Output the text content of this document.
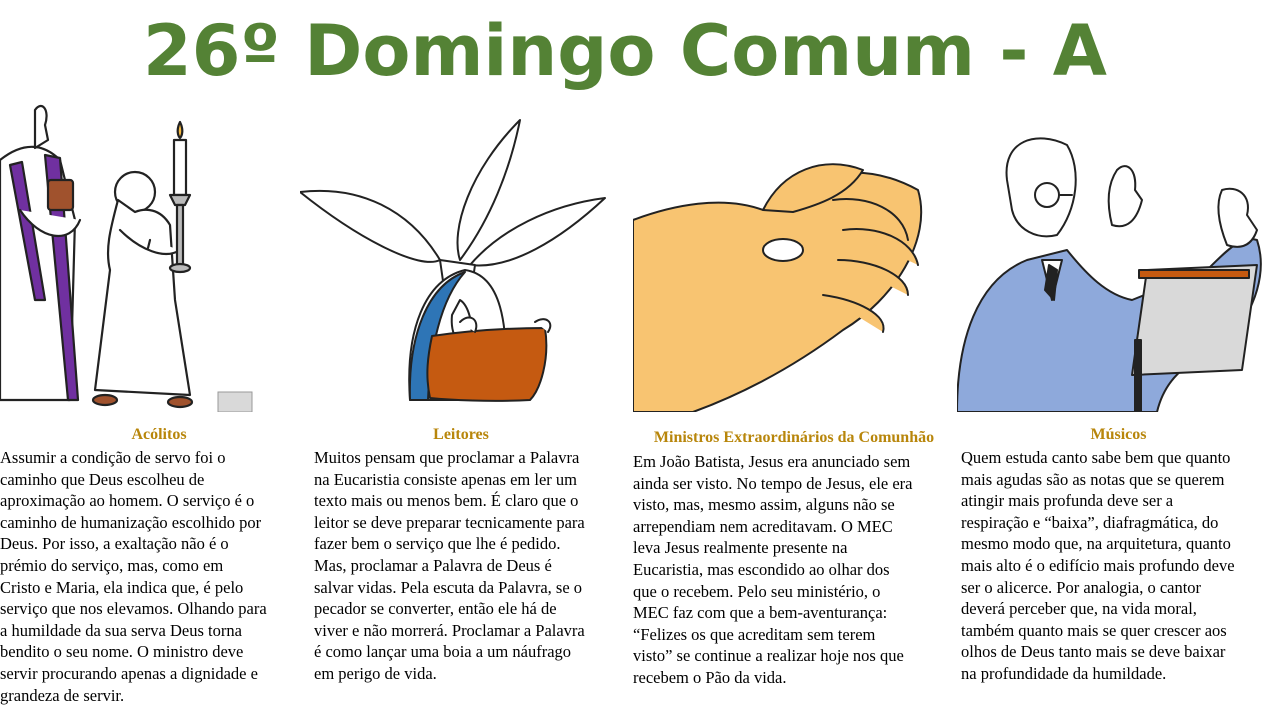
26º Domingo Comum - A
Acólitos
Assumir a condição de servo foi o
caminho que Deus escolheu de
aproximação ao homem. O serviço é o
caminho de humanização escolhido por
Deus. Por isso, a exaltação não é o
prémio do serviço, mas, como em
Cristo e Maria, ela indica que, é pelo
serviço que nos elevamos. Olhando para
a humildade da sua serva Deus torna
bendito o seu nome. O ministro deve
servir procurando apenas a dignidade e
grandeza de servir.
Leitores
Muitos pensam que proclamar a Palavra
na Eucaristia consiste apenas em ler um
texto mais ou menos bem. É claro que o
leitor se deve preparar tecnicamente para
fazer bem o serviço que lhe é pedido.
Mas, proclamar a Palavra de Deus é
salvar vidas. Pela escuta da Palavra, se o
pecador se converter, então ele há de
viver e não morrerá. Proclamar a Palavra
é como lançar uma boia a um náufrago
em perigo de vida.
Ministros Extraordinários da Comunhão
Em João Batista, Jesus era anunciado sem
ainda ser visto. No tempo de Jesus, ele era
visto, mas, mesmo assim, alguns não se
arrependiam nem acreditavam. O MEC
leva Jesus realmente presente na
Eucaristia, mas escondido ao olhar dos
que o recebem. Pelo seu ministério, o
MEC faz com que a bem-aventurança:
“Felizes os que acreditam sem terem
visto” se continue a realizar hoje nos que
recebem o Pão da vida.
Músicos
Quem estuda canto sabe bem que quanto
mais agudas são as notas que se querem
atingir mais profunda deve ser a
respiração e “baixa”, diafragmática, do
mesmo modo que, na arquitetura, quanto
mais alto é o edifício mais profundo deve
ser o alicerce. Por analogia, o cantor
deverá perceber que, na vida moral,
também quanto mais se quer crescer aos
olhos de Deus tanto mais se deve baixar
na profundidade da humildade.
